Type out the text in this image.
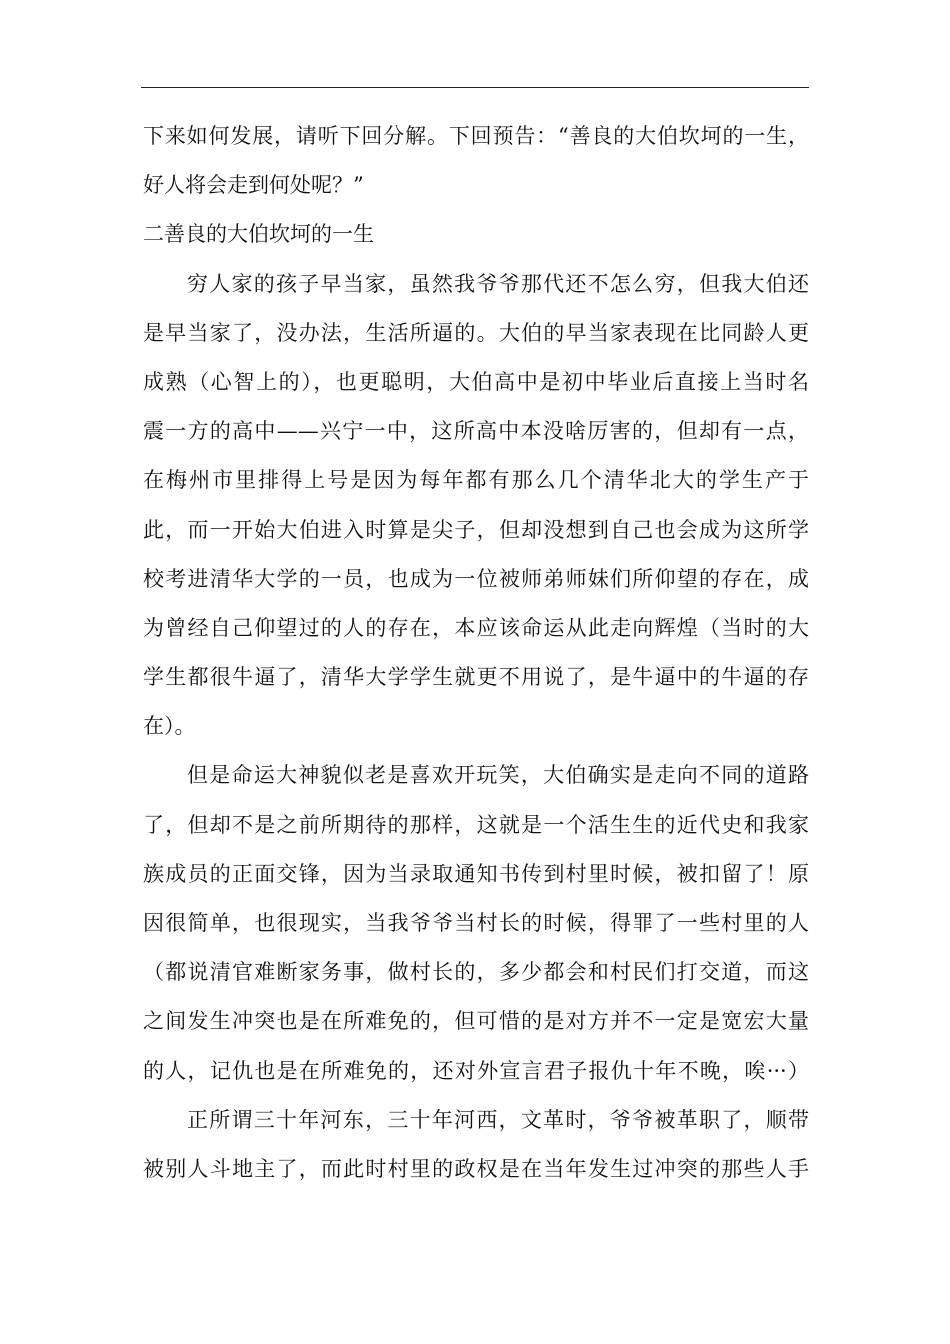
下来如何发展，请听下回分解。下回预告：“善良的大伯坎坷的一生，
好人将会走到何处呢？”
二善良的大伯坎坷的一生
穷人家的孩子早当家，虽然我爷爷那代还不怎么穷，但我大伯还
是早当家了，没办法，生活所逼的。大伯的早当家表现在比同龄人更
成熟（心智上的），也更聪明，大伯高中是初中毕业后直接上当时名
震一方的高中——兴宁一中，这所高中本没啥厉害的，但却有一点，
在梅州市里排得上号是因为每年都有那么几个清华北大的学生产于
此，而一开始大伯进入时算是尖子，但却没想到自己也会成为这所学
校考进清华大学的一员，也成为一位被师弟师妹们所仰望的存在，成
为曾经自己仰望过的人的存在，本应该命运从此走向辉煌（当时的大
学生都很牛逼了，清华大学学生就更不用说了，是牛逼中的牛逼的存
在）。
但是命运大神貌似老是喜欢开玩笑，大伯确实是走向不同的道路
了，但却不是之前所期待的那样，这就是一个活生生的近代史和我家
族成员的正面交锋，因为当录取通知书传到村里时候，被扣留了！原
因很简单，也很现实，当我爷爷当村长的时候，得罪了一些村里的人
（都说清官难断家务事，做村长的，多少都会和村民们打交道，而这
之间发生冲突也是在所难免的，但可惜的是对方并不一定是宽宏大量
的人，记仇也是在所难免的，还对外宣言君子报仇十年不晚，唉···）
正所谓三十年河东，三十年河西，文革时，爷爷被革职了，顺带
被别人斗地主了，而此时村里的政权是在当年发生过冲突的那些人手
